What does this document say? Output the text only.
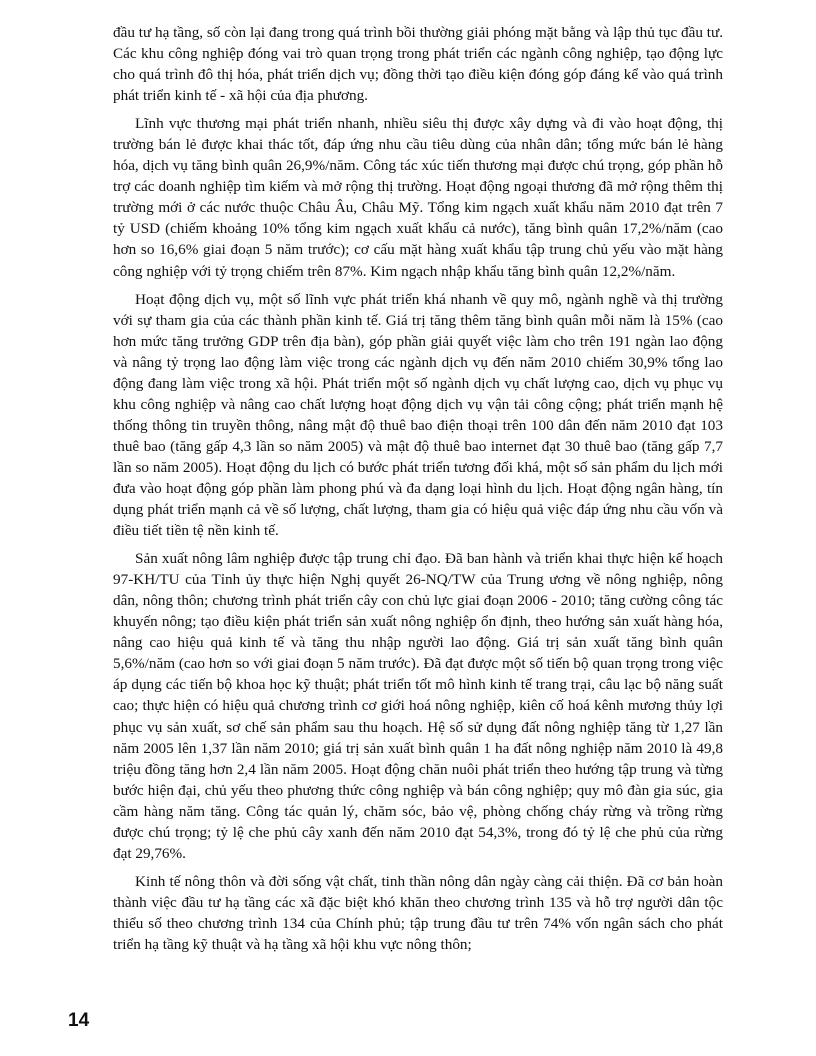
đầu tư hạ tầng, số còn lại đang trong quá trình bồi thường giải phóng mặt bằng và lập thủ tục đầu tư. Các khu công nghiệp đóng vai trò quan trọng trong phát triển các ngành công nghiệp, tạo động lực cho quá trình đô thị hóa, phát triển dịch vụ; đồng thời tạo điều kiện đóng góp đáng kể vào quá trình phát triển kinh tế - xã hội của địa phương.

Lĩnh vực thương mại phát triển nhanh, nhiều siêu thị được xây dựng và đi vào hoạt động, thị trường bán lẻ được khai thác tốt, đáp ứng nhu cầu tiêu dùng của nhân dân; tổng mức bán lẻ hàng hóa, dịch vụ tăng bình quân 26,9%/năm. Công tác xúc tiến thương mại được chú trọng, góp phần hỗ trợ các doanh nghiệp tìm kiếm và mở rộng thị trường. Hoạt động ngoại thương đã mở rộng thêm thị trường mới ở các nước thuộc Châu Âu, Châu Mỹ. Tổng kim ngạch xuất khẩu năm 2010 đạt trên 7 tỷ USD (chiếm khoảng 10% tổng kim ngạch xuất khẩu cả nước), tăng bình quân 17,2%/năm (cao hơn so 16,6% giai đoạn 5 năm trước); cơ cấu mặt hàng xuất khẩu tập trung chủ yếu vào mặt hàng công nghiệp với tỷ trọng chiếm trên 87%. Kim ngạch nhập khẩu tăng bình quân 12,2%/năm.

Hoạt động dịch vụ, một số lĩnh vực phát triển khá nhanh về quy mô, ngành nghề và thị trường với sự tham gia của các thành phần kinh tế. Giá trị tăng thêm tăng bình quân mỗi năm là 15% (cao hơn mức tăng trưởng GDP trên địa bàn), góp phần giải quyết việc làm cho trên 191 ngàn lao động và nâng tỷ trọng lao động làm việc trong các ngành dịch vụ đến năm 2010 chiếm 30,9% tổng lao động đang làm việc trong xã hội. Phát triển một số ngành dịch vụ chất lượng cao, dịch vụ phục vụ khu công nghiệp và nâng cao chất lượng hoạt động dịch vụ vận tải công cộng; phát triển mạnh hệ thống thông tin truyền thông, nâng mật độ thuê bao điện thoại trên 100 dân đến năm 2010 đạt 103 thuê bao (tăng gấp 4,3 lần so năm 2005) và mật độ thuê bao internet đạt 30 thuê bao (tăng gấp 7,7 lần so năm 2005). Hoạt động du lịch có bước phát triển tương đối khá, một số sản phẩm du lịch mới đưa vào hoạt động góp phần làm phong phú và đa dạng loại hình du lịch. Hoạt động ngân hàng, tín dụng phát triển mạnh cả về số lượng, chất lượng, tham gia có hiệu quả việc đáp ứng nhu cầu vốn và điều tiết tiền tệ nền kinh tế.

Sản xuất nông lâm nghiệp được tập trung chỉ đạo. Đã ban hành và triển khai thực hiện kế hoạch 97-KH/TU của Tỉnh ủy thực hiện Nghị quyết 26-NQ/TW của Trung ương về nông nghiệp, nông dân, nông thôn; chương trình phát triển cây con chủ lực giai đoạn 2006 - 2010; tăng cường công tác khuyến nông; tạo điều kiện phát triển sản xuất nông nghiệp ổn định, theo hướng sản xuất hàng hóa, nâng cao hiệu quả kinh tế và tăng thu nhập người lao động. Giá trị sản xuất tăng bình quân 5,6%/năm (cao hơn so với giai đoạn 5 năm trước). Đã đạt được một số tiến bộ quan trọng trong việc áp dụng các tiến bộ khoa học kỹ thuật; phát triển tốt mô hình kinh tế trang trại, câu lạc bộ năng suất cao; thực hiện có hiệu quả chương trình cơ giới hoá nông nghiệp, kiên cố hoá kênh mương thủy lợi phục vụ sản xuất, sơ chế sản phẩm sau thu hoạch. Hệ số sử dụng đất nông nghiệp tăng từ 1,27 lần năm 2005 lên 1,37 lần năm 2010; giá trị sản xuất bình quân 1 ha đất nông nghiệp năm 2010 là 49,8 triệu đồng tăng hơn 2,4 lần năm 2005. Hoạt động chăn nuôi phát triển theo hướng tập trung và từng bước hiện đại, chủ yếu theo phương thức công nghiệp và bán công nghiệp; quy mô đàn gia súc, gia cầm hàng năm tăng. Công tác quản lý, chăm sóc, bảo vệ, phòng chống cháy rừng và trồng rừng được chú trọng; tỷ lệ che phủ cây xanh đến năm 2010 đạt 54,3%, trong đó tỷ lệ che phủ của rừng đạt 29,76%.

Kinh tế nông thôn và đời sống vật chất, tinh thần nông dân ngày càng cải thiện. Đã cơ bản hoàn thành việc đầu tư hạ tầng các xã đặc biệt khó khăn theo chương trình 135 và hỗ trợ người dân tộc thiểu số theo chương trình 134 của Chính phủ; tập trung đầu tư trên 74% vốn ngân sách cho phát triển hạ tầng kỹ thuật và hạ tầng xã hội khu vực nông thôn;

14
